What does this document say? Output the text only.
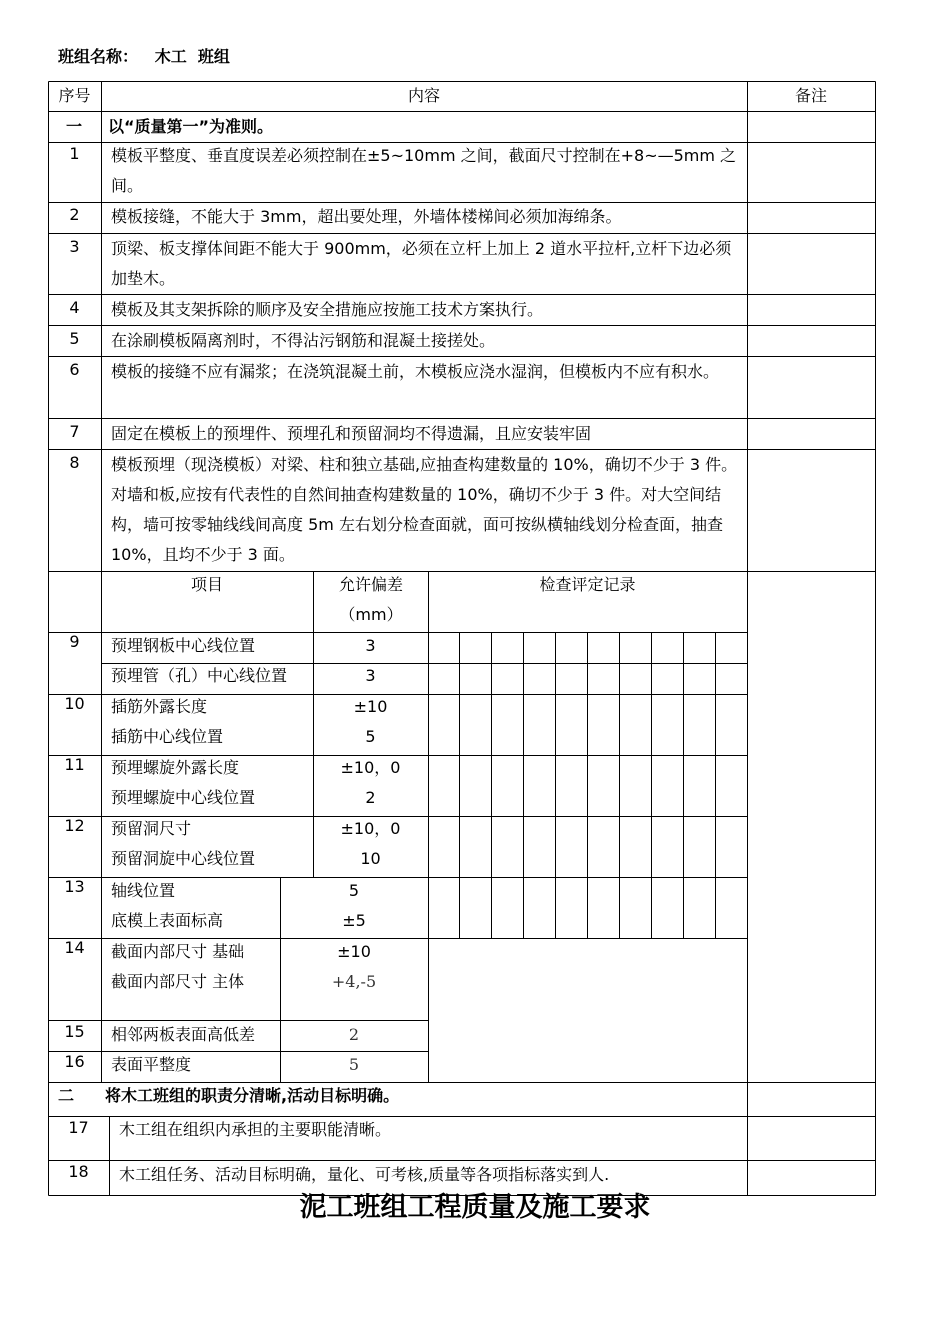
班组名称： 木工  班组
序号	内容	备注
一 以“质量第一”为准则。
1	模板平整度、垂直度误差必须控制在±5~10mm 之间，截面尺寸控制在+8~—5mm 之间。
2	模板接缝，不能大于 3mm，超出要处理，外墙体楼梯间必须加海绵条。
3	顶梁、板支撑体间距不能大于 900mm，必须在立杆上加上 2 道水平拉杆,立杆下边必须加垫木。
4	模板及其支架拆除的顺序及安全措施应按施工技术方案执行。
5	在涂刷模板隔离剂时，不得沾污钢筋和混凝土接搓处。
6	模板的接缝不应有漏浆；在浇筑混凝土前，木模板应浇水湿润，但模板内不应有积水。
7	固定在模板上的预埋件、预埋孔和预留洞均不得遗漏，且应安装牢固
8	模板预埋（现浇模板）对梁、柱和独立基础,应抽查构建数量的 10%，确切不少于 3 件。对墙和板,应按有代表性的自然间抽查构建数量的 10%，确切不少于 3 件。对大空间结构，墙可按零轴线线间高度 5m 左右划分检查面就，面可按纵横轴线划分检查面，抽查 10%，且均不少于 3 面。
项目	允许偏差（mm）
检查评定记录
9	预埋钢板中心线位置	3
预埋管（孔）中心线位置	3
10	插筋外露长度	±10
插筋中心线位置	5
11	预埋螺旋外露长度	±10，0
预埋螺旋中心线位置	2
12	预留洞尺寸	±10，0
预留洞旋中心线位置	10
13	轴线位置	5
底模上表面标高	±5
14	截面内部尺寸 基础	±10
截面内部尺寸 主体	+4,-5
15	相邻两板表面高低差	2
16	表面平整度	5
二 将木工班组的职责分清晰,活动目标明确。
17	木工组在组织内承担的主要职能清晰。
18	木工组任务、活动目标明确，量化、可考核,质量等各项指标落实到人.
泥工班组工程质量及施工要求
